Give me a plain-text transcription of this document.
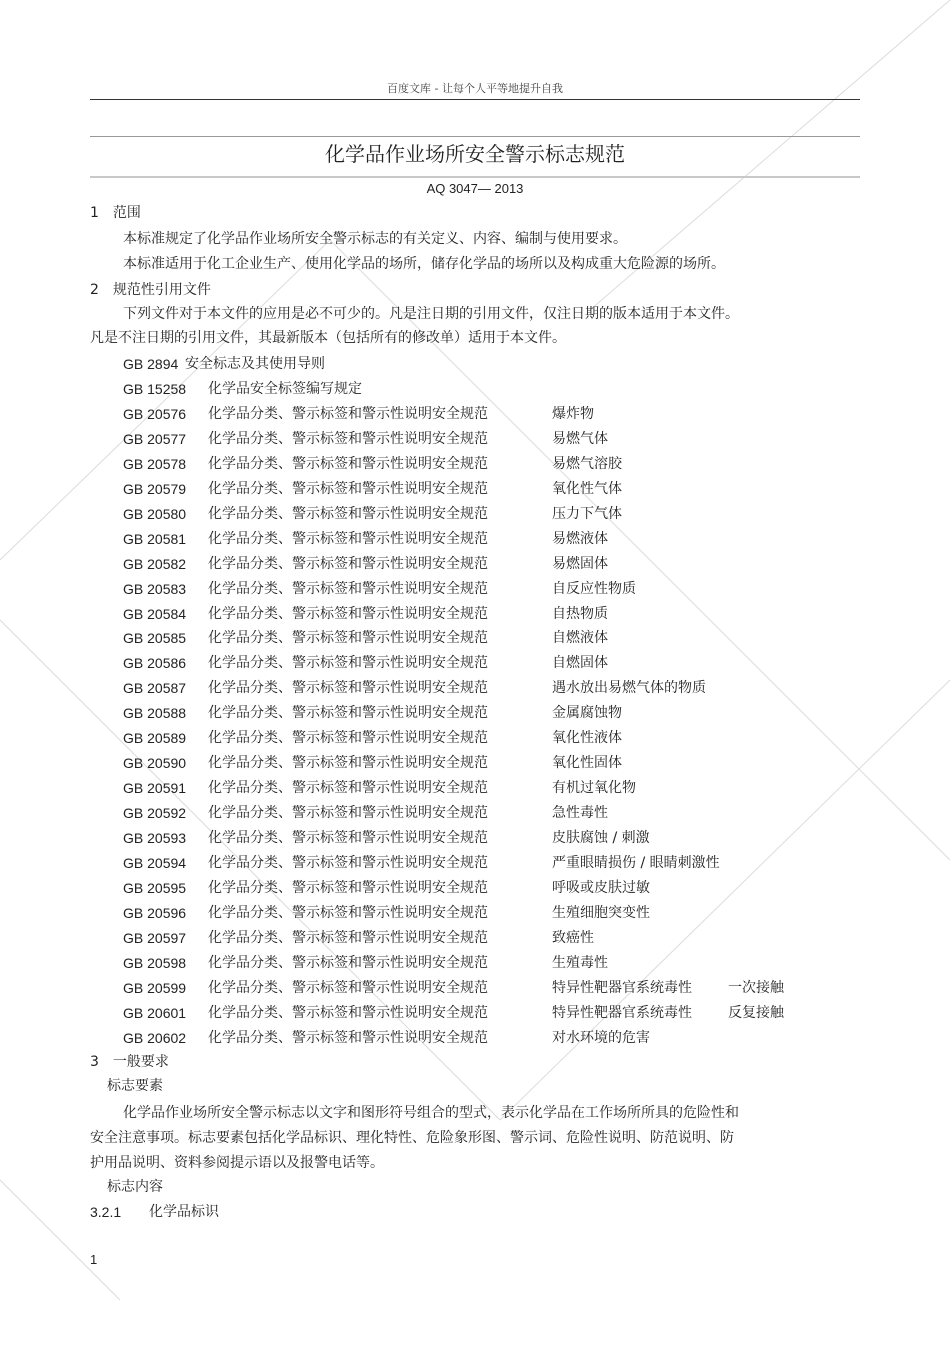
百度文库 - 让每个人平等地提升自我
化学品作业场所安全警示标志规范
AQ 3047— 2013
1　范围
本标准规定了化学品作业场所安全警示标志的有关定义、内容、编制与使用要求。
本标准适用于化工企业生产、使用化学品的场所，储存化学品的场所以及构成重大危险源的场所。
2　规范性引用文件
下列文件对于本文件的应用是必不可少的。凡是注日期的引用文件，仅注日期的版本适用于本文件。
凡是不注日期的引用文件，其最新版本（包括所有的修改单）适用于本文件。
GB 2894 安全标志及其使用导则
GB 15258 化学品安全标签编写规定
GB 20576 化学品分类、警示标签和警示性说明安全规范	爆炸物
GB 20577 化学品分类、警示标签和警示性说明安全规范	易燃气体
GB 20578 化学品分类、警示标签和警示性说明安全规范	易燃气溶胶
GB 20579 化学品分类、警示标签和警示性说明安全规范	氧化性气体
GB 20580 化学品分类、警示标签和警示性说明安全规范	压力下气体
GB 20581 化学品分类、警示标签和警示性说明安全规范	易燃液体
GB 20582 化学品分类、警示标签和警示性说明安全规范	易燃固体
GB 20583 化学品分类、警示标签和警示性说明安全规范	自反应性物质
GB 20584 化学品分类、警示标签和警示性说明安全规范	自热物质
GB 20585 化学品分类、警示标签和警示性说明安全规范	自燃液体
GB 20586 化学品分类、警示标签和警示性说明安全规范	自燃固体
GB 20587 化学品分类、警示标签和警示性说明安全规范	遇水放出易燃气体的物质
GB 20588 化学品分类、警示标签和警示性说明安全规范	金属腐蚀物
GB 20589 化学品分类、警示标签和警示性说明安全规范	氧化性液体
GB 20590 化学品分类、警示标签和警示性说明安全规范	氧化性固体
GB 20591 化学品分类、警示标签和警示性说明安全规范	有机过氧化物
GB 20592 化学品分类、警示标签和警示性说明安全规范	急性毒性
GB 20593 化学品分类、警示标签和警示性说明安全规范	皮肤腐蚀 / 刺激
GB 20594 化学品分类、警示标签和警示性说明安全规范	严重眼睛损伤 / 眼睛刺激性
GB 20595 化学品分类、警示标签和警示性说明安全规范	呼吸或皮肤过敏
GB 20596 化学品分类、警示标签和警示性说明安全规范	生殖细胞突变性
GB 20597 化学品分类、警示标签和警示性说明安全规范	致癌性
GB 20598 化学品分类、警示标签和警示性说明安全规范	生殖毒性
GB 20599 化学品分类、警示标签和警示性说明安全规范	特异性靶器官系统毒性	一次接触
GB 20601 化学品分类、警示标签和警示性说明安全规范	特异性靶器官系统毒性	反复接触
GB 20602 化学品分类、警示标签和警示性说明安全规范	对水环境的危害
3　一般要求
标志要素
化学品作业场所安全警示标志以文字和图形符号组合的型式，表示化学品在工作场所所具的危险性和
安全注意事项。标志要素包括化学品标识、理化特性、危险象形图、警示词、危险性说明、防范说明、防
护用品说明、资料参阅提示语以及报警电话等。
标志内容
3.2.1 化学品标识
1
